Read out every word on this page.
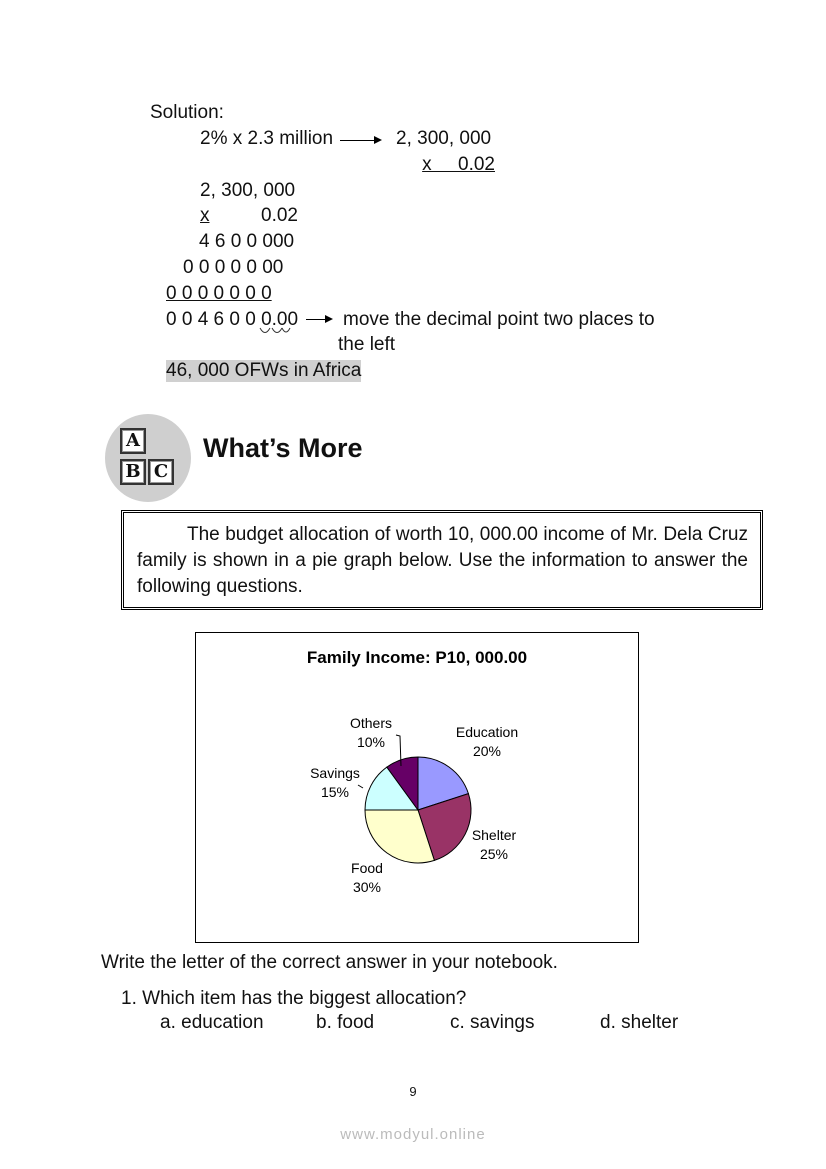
Solution:
2% x 2.3 million	2, 300, 000
x     0.02
2, 300, 000
x	0.02
4 6 0 0 000
0 0 0 0 0 00
0 0 0 0 0 0 0
0 0 4 6 0 0 0.00 move the decimal point two places to
the left
46, 000 OFWs in Africa
A
B C
What’s More

The budget allocation of worth 10, 000.00 income of Mr. Dela Cruz family is shown in a pie graph below. Use the information to answer the following questions.

Family Income: P10, 000.00
Education
20%
Shelter
25%
Food
30%
Savings
15%
Others
10%
Write the letter of the correct answer in your notebook.
1. Which item has the biggest allocation?
a. education	b. food	c. savings	d. shelter
9
www.modyul.online
